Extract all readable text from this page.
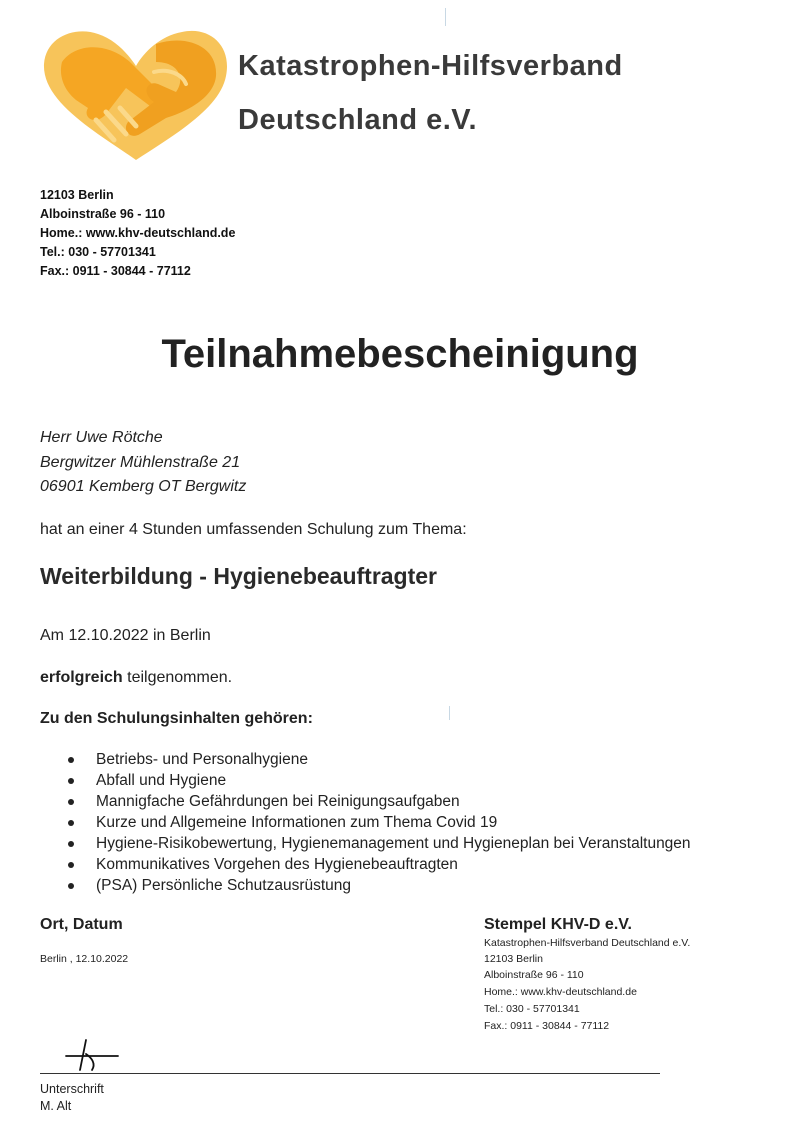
Katastrophen-Hilfsverband
Deutschland e.V.
12103 Berlin
Alboinstraße 96 - 110
Home.: www.khv-deutschland.de
Tel.: 030 - 57701341
Fax.: 0911 - 30844 - 77112
Teilnahmebescheinigung
Herr Uwe Rötche
Bergwitzer Mühlenstraße 21
06901 Kemberg OT Bergwitz
hat an einer 4 Stunden umfassenden Schulung zum Thema:
Weiterbildung - Hygienebeauftragter
Am 12.10.2022 in Berlin
erfolgreich teilgenommen.
Zu den Schulungsinhalten gehören:
Betriebs- und Personalhygiene
Abfall und Hygiene
Mannigfache Gefährdungen bei Reinigungsaufgaben
Kurze und Allgemeine Informationen zum Thema Covid 19
Hygiene-Risikobewertung, Hygienemanagement und Hygieneplan bei Veranstaltungen
Kommunikatives Vorgehen des Hygienebeauftragten
(PSA) Persönliche Schutzausrüstung
Ort, Datum
Berlin , 12.10.2022
Stempel KHV-D e.V.
Katastrophen-Hilfsverband Deutschland e.V.
12103 Berlin
Alboinstraße 96 - 110
Home.: www.khv-deutschland.de
Tel.: 030 - 57701341
Fax.: 0911 - 30844 - 77112
Unterschrift
M. Alt
